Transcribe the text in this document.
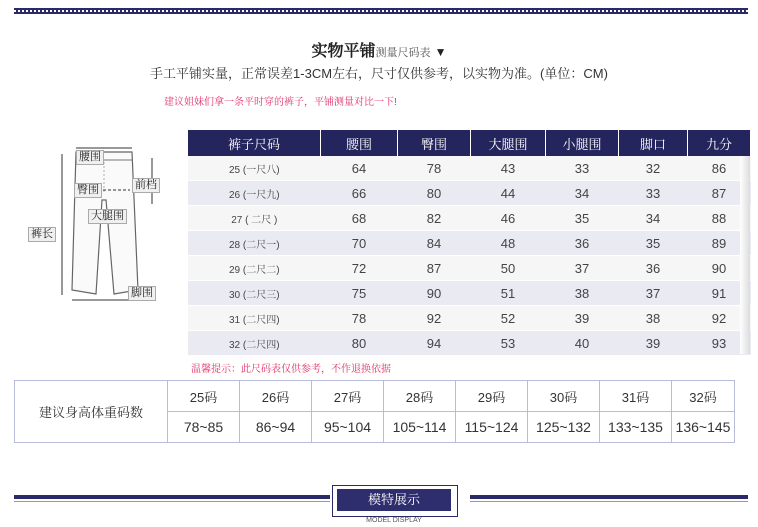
实物平铺测量尺码表 ▼
手工平铺实量，正常误差1-3CM左右，尺寸仅供参考，以实物为准。(单位：CM)
建议姐妹们拿一条平时穿的裤子，平铺测量对比一下!
腰围
臀围	前档
大腿围
裤长
脚围
裤子尺码	腰围	臀围	大腿围	小腿围	脚口	九分
25 (一尺八)	64	78	43	33	32	86
26 (一尺九)	66	80	44	34	33	87
27 ( 二尺 )	68	82	46	35	34	88
28 (二尺一)	70	84	48	36	35	89
29 (二尺二)	72	87	50	37	36	90
30 (二尺三)	75	90	51	38	37	91
31 (二尺四)	78	92	52	39	38	92
32 (二尺四)	80	94	53	40	39	93
温馨提示：此尺码表仅供参考，不作退换依据
建议身高体重码数	25码	26码	27码	28码	29码	30码	31码	32码
	78~85	86~94	95~104	105~114	115~124	125~132	133~135	136~145
模特展示
MODEL DISPLAY
